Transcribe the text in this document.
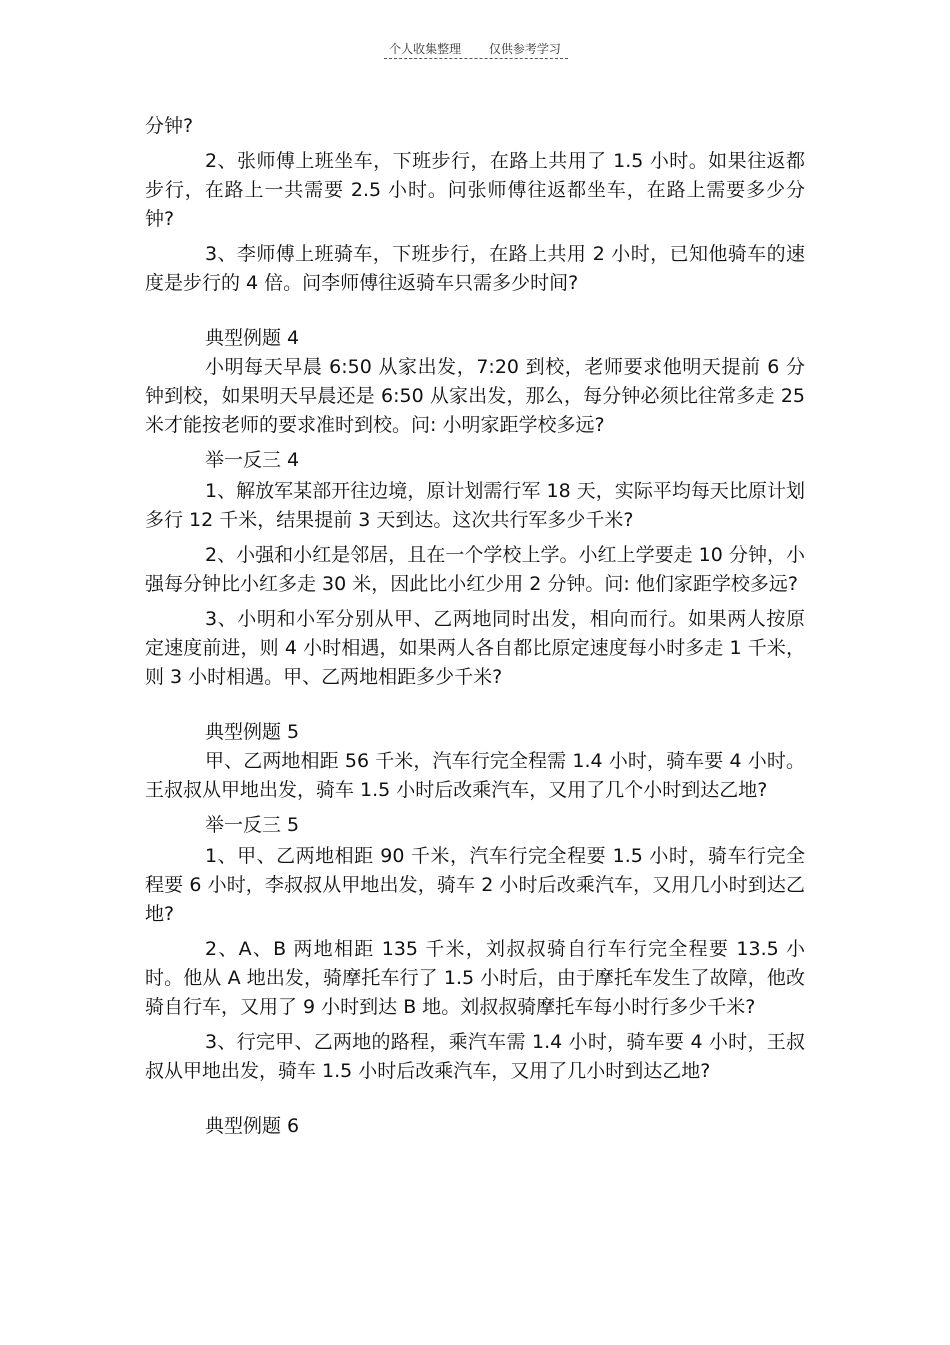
个人收集整理 仅供参考学习

分钟?

2、张师傅上班坐车，下班步行，在路上共用了 1.5 小时。如果往返都步行，在路上一共需要 2.5 小时。问张师傅往返都坐车，在路上需要多少分钟?

3、李师傅上班骑车，下班步行，在路上共用 2 小时，已知他骑车的速度是步行的 4 倍。问李师傅往返骑车只需多少时间?

典型例题 4

小明每天早晨 6:50 从家出发，7:20 到校，老师要求他明天提前 6 分钟到校，如果明天早晨还是 6:50 从家出发，那么，每分钟必须比往常多走 25 米才能按老师的要求准时到校。问: 小明家距学校多远?

举一反三 4

1、解放军某部开往边境，原计划需行军 18 天，实际平均每天比原计划多行 12 千米，结果提前 3 天到达。这次共行军多少千米?

2、小强和小红是邻居，且在一个学校上学。小红上学要走 10 分钟，小强每分钟比小红多走 30 米，因此比小红少用 2 分钟。问: 他们家距学校多远?

3、小明和小军分别从甲、乙两地同时出发，相向而行。如果两人按原定速度前进，则 4 小时相遇，如果两人各自都比原定速度每小时多走 1 千米，则 3 小时相遇。甲、乙两地相距多少千米?

典型例题 5

甲、乙两地相距 56 千米，汽车行完全程需 1.4 小时，骑车要 4 小时。王叔叔从甲地出发，骑车 1.5 小时后改乘汽车，又用了几个小时到达乙地?

举一反三 5

1、甲、乙两地相距 90 千米，汽车行完全程要 1.5 小时，骑车行完全程要 6 小时，李叔叔从甲地出发，骑车 2 小时后改乘汽车，又用几小时到达乙地?

2、A、B 两地相距 135 千米，刘叔叔骑自行车行完全程要 13.5 小时。他从 A 地出发，骑摩托车行了 1.5 小时后，由于摩托车发生了故障，他改骑自行车，又用了 9 小时到达 B 地。刘叔叔骑摩托车每小时行多少千米?

3、行完甲、乙两地的路程，乘汽车需 1.4 小时，骑车要 4 小时，王叔叔从甲地出发，骑车 1.5 小时后改乘汽车，又用了几小时到达乙地?

典型例题 6
